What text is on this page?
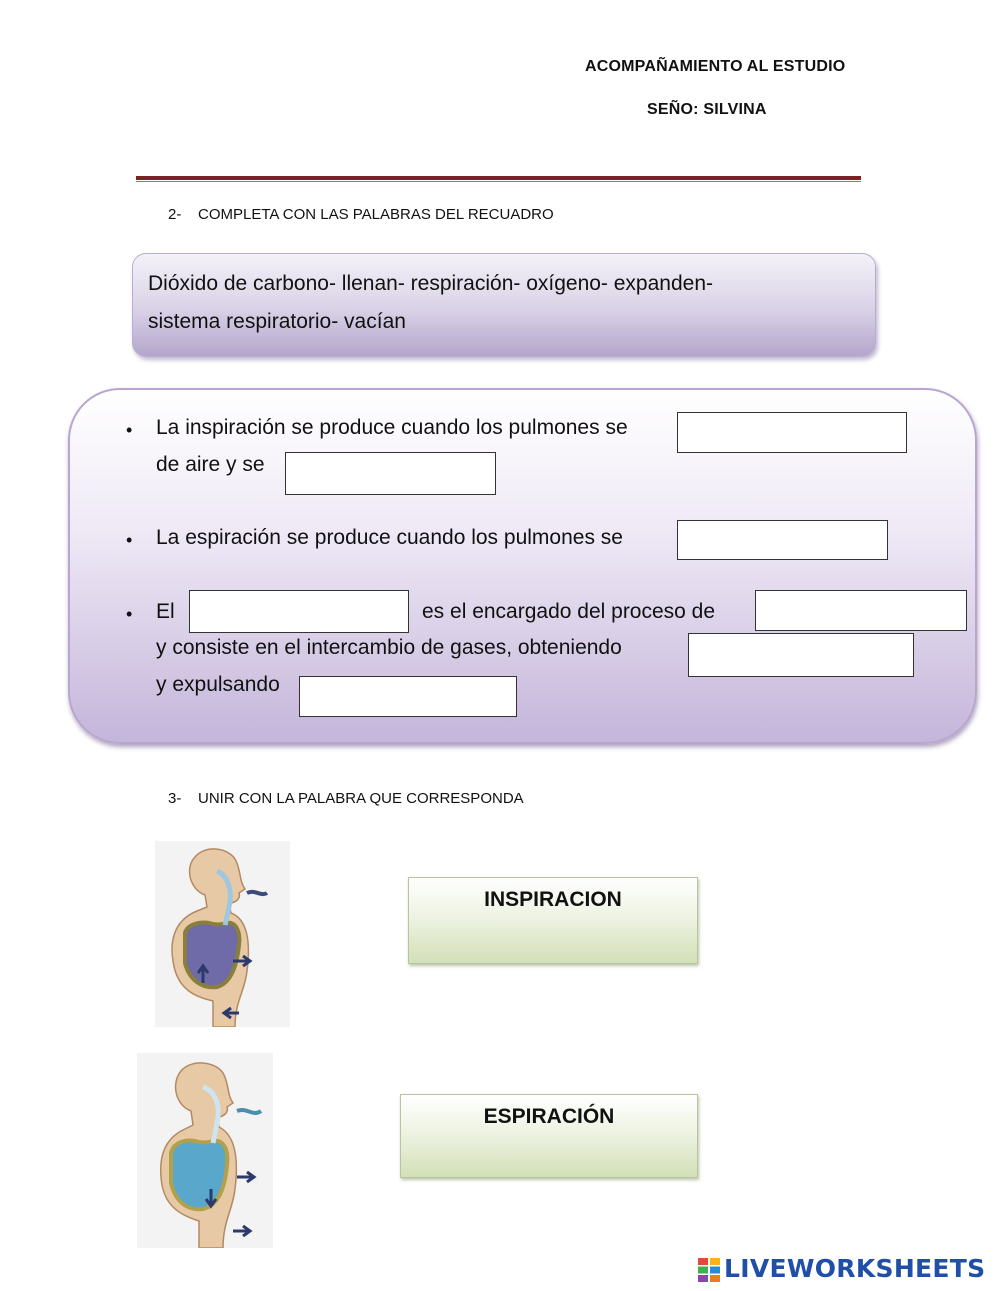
ACOMPAÑAMIENTO AL ESTUDIO
SEÑO: SILVINA
2- COMPLETA CON LAS PALABRAS DEL RECUADRO
Dióxido de carbono- llenan- respiración- oxígeno- expanden-
sistema respiratorio- vacían
• La inspiración se produce cuando los pulmones se
de aire y se
• La espiración se produce cuando los pulmones se
• El	es el encargado del proceso de
y consiste en el intercambio de gases, obteniendo
y expulsando
3- UNIR CON LA PALABRA QUE CORRESPONDA
INSPIRACION
ESPIRACIÓN
LIVEWORKSHEETS
